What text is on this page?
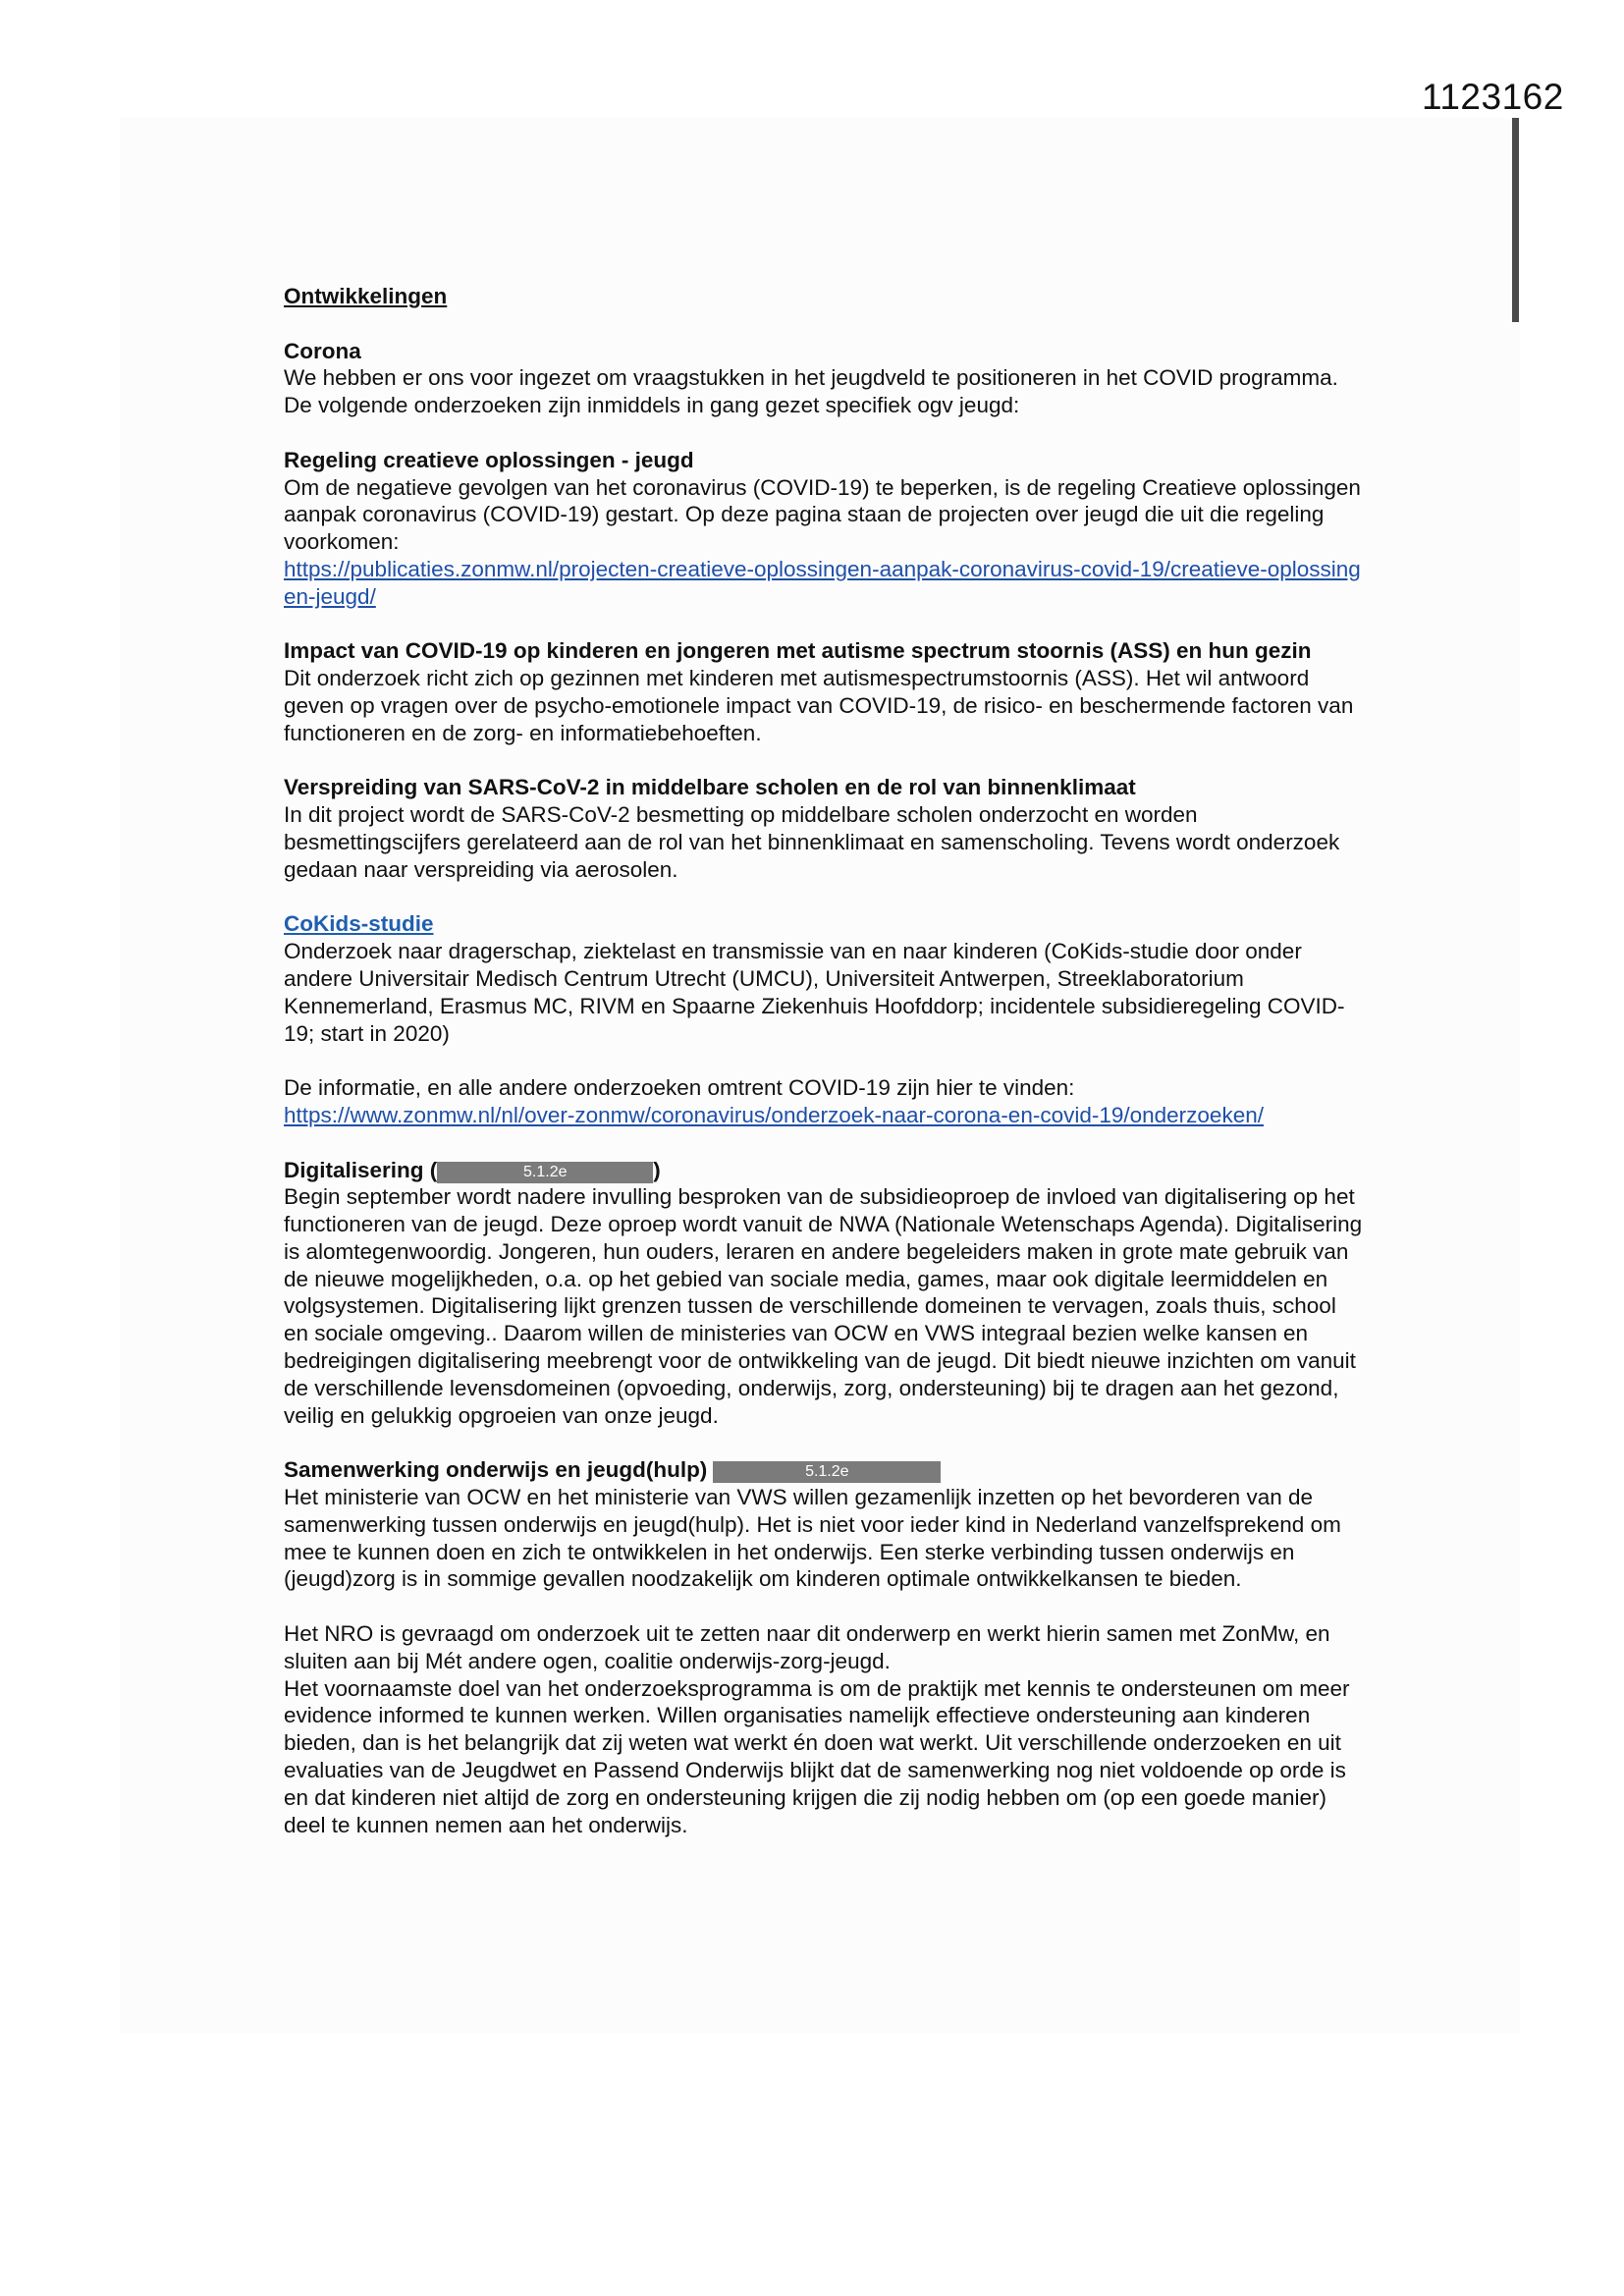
1123162

Ontwikkelingen

Corona

We hebben er ons voor ingezet om vraagstukken in het jeugdveld te positioneren in het COVID programma. De volgende onderzoeken zijn inmiddels in gang gezet specifiek ogv jeugd:

Regeling creatieve oplossingen - jeugd

Om de negatieve gevolgen van het coronavirus (COVID-19) te beperken, is de regeling Creatieve oplossingen aanpak coronavirus (COVID-19) gestart. Op deze pagina staan de projecten over jeugd die uit die regeling voorkomen:

https://publicaties.zonmw.nl/projecten-creatieve-oplossingen-aanpak-coronavirus-covid-19/creatieve-oplossingen-jeugd/

Impact van COVID-19 op kinderen en jongeren met autisme spectrum stoornis (ASS) en hun gezin

Dit onderzoek richt zich op gezinnen met kinderen met autismespectrumstoornis (ASS). Het wil antwoord geven op vragen over de psycho-emotionele impact van COVID-19, de risico- en beschermende factoren van functioneren en de zorg- en informatiebehoeften.

Verspreiding van SARS-CoV-2 in middelbare scholen en de rol van binnenklimaat

In dit project wordt de SARS-CoV-2 besmetting op middelbare scholen onderzocht en worden besmettingscijfers gerelateerd aan de rol van het binnenklimaat en samenscholing. Tevens wordt onderzoek gedaan naar verspreiding via aerosolen.

CoKids-studie

Onderzoek naar dragerschap, ziektelast en transmissie van en naar kinderen (CoKids-studie door onder andere Universitair Medisch Centrum Utrecht (UMCU), Universiteit Antwerpen, Streeklaboratorium Kennemerland, Erasmus MC, RIVM en Spaarne Ziekenhuis Hoofddorp; incidentele subsidieregeling COVID-19; start in 2020)

De informatie, en alle andere onderzoeken omtrent COVID-19 zijn hier te vinden:

https://www.zonmw.nl/nl/over-zonmw/coronavirus/onderzoek-naar-corona-en-covid-19/onderzoeken/

Digitalisering (	5.1.2e	)

Begin september wordt nadere invulling besproken van de subsidieoproep de invloed van digitalisering op het functioneren van de jeugd. Deze oproep wordt vanuit de NWA (Nationale Wetenschaps Agenda). Digitalisering is alomtegenwoordig. Jongeren, hun ouders, leraren en andere begeleiders maken in grote mate gebruik van de nieuwe mogelijkheden, o.a. op het gebied van sociale media, games, maar ook digitale leermiddelen en volgsystemen. Digitalisering lijkt grenzen tussen de verschillende domeinen te vervagen, zoals thuis, school en sociale omgeving.. Daarom willen de ministeries van OCW en VWS integraal bezien welke kansen en bedreigingen digitalisering meebrengt voor de ontwikkeling van de jeugd. Dit biedt nieuwe inzichten om vanuit de verschillende levensdomeinen (opvoeding, onderwijs, zorg, ondersteuning) bij te dragen aan het gezond, veilig en gelukkig opgroeien van onze jeugd.

Samenwerking onderwijs en jeugd(hulp)	5.1.2e

Het ministerie van OCW en het ministerie van VWS willen gezamenlijk inzetten op het bevorderen van de samenwerking tussen onderwijs en jeugd(hulp). Het is niet voor ieder kind in Nederland vanzelfsprekend om mee te kunnen doen en zich te ontwikkelen in het onderwijs. Een sterke verbinding tussen onderwijs en (jeugd)zorg is in sommige gevallen noodzakelijk om kinderen optimale ontwikkelkansen te bieden.

Het NRO is gevraagd om onderzoek uit te zetten naar dit onderwerp en werkt hierin samen met ZonMw, en sluiten aan bij Mét andere ogen, coalitie onderwijs-zorg-jeugd.

Het voornaamste doel van het onderzoeksprogramma is om de praktijk met kennis te ondersteunen om meer evidence informed te kunnen werken. Willen organisaties namelijk effectieve ondersteuning aan kinderen bieden, dan is het belangrijk dat zij weten wat werkt én doen wat werkt. Uit verschillende onderzoeken en uit evaluaties van de Jeugdwet en Passend Onderwijs blijkt dat de samenwerking nog niet voldoende op orde is en dat kinderen niet altijd de zorg en ondersteuning krijgen die zij nodig hebben om (op een goede manier) deel te kunnen nemen aan het onderwijs.
